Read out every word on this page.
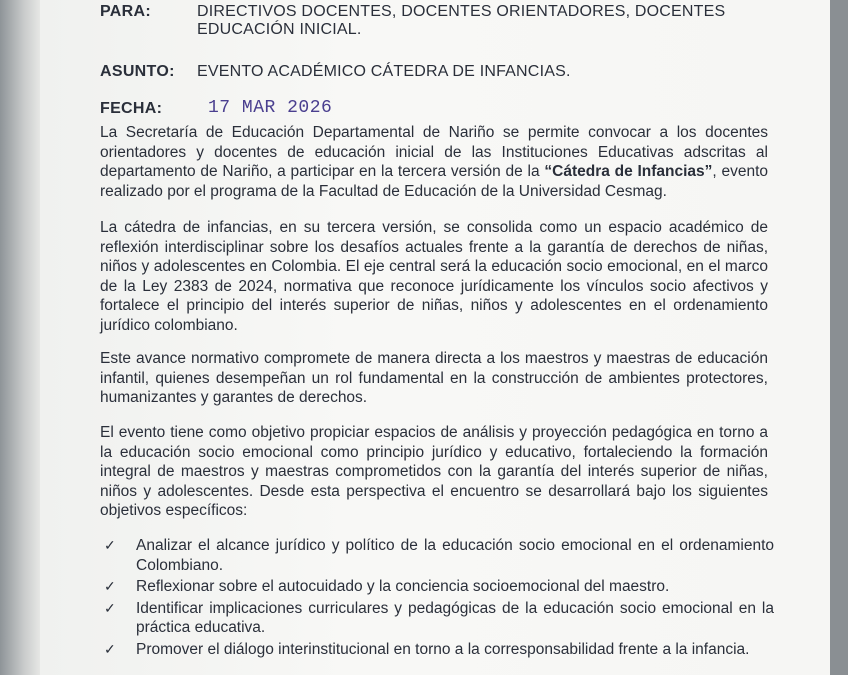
PARA:	DIRECTIVOS DOCENTES, DOCENTES ORIENTADORES, DOCENTES
EDUCACIÓN INICIAL.
ASUNTO: EVENTO ACADÉMICO CÁTEDRA DE INFANCIAS.
FECHA:	17 MAR 2026

La Secretaría de Educación Departamental de Nariño se permite convocar a los docentes orientadores y docentes de educación inicial de las Instituciones Educativas adscritas al departamento de Nariño, a participar en la tercera versión de la “Cátedra de Infancias”, evento realizado por el programa de la Facultad de Educación de la Universidad Cesmag.

La cátedra de infancias, en su tercera versión, se consolida como un espacio académico de reflexión interdisciplinar sobre los desafíos actuales frente a la garantía de derechos de niñas, niños y adolescentes en Colombia. El eje central será la educación socio emocional, en el marco de la Ley 2383 de 2024, normativa que reconoce jurídicamente los vínculos socio afectivos y fortalece el principio del interés superior de niñas, niños y adolescentes en el ordenamiento jurídico colombiano.

Este avance normativo compromete de manera directa a los maestros y maestras de educación infantil, quienes desempeñan un rol fundamental en la construcción de ambientes protectores, humanizantes y garantes de derechos.

El evento tiene como objetivo propiciar espacios de análisis y proyección pedagógica en torno a la educación socio emocional como principio jurídico y educativo, fortaleciendo la formación integral de maestros y maestras comprometidos con la garantía del interés superior de niñas, niños y adolescentes. Desde esta perspectiva el encuentro se desarrollará bajo los siguientes objetivos específicos:

✓ Analizar el alcance jurídico y político de la educación socio emocional en el ordenamiento Colombiano.
✓ Reflexionar sobre el autocuidado y la conciencia socioemocional del maestro.
✓ Identificar implicaciones curriculares y pedagógicas de la educación socio emocional en la práctica educativa.
✓ Promover el diálogo interinstitucional en torno a la corresponsabilidad frente a la infancia.
